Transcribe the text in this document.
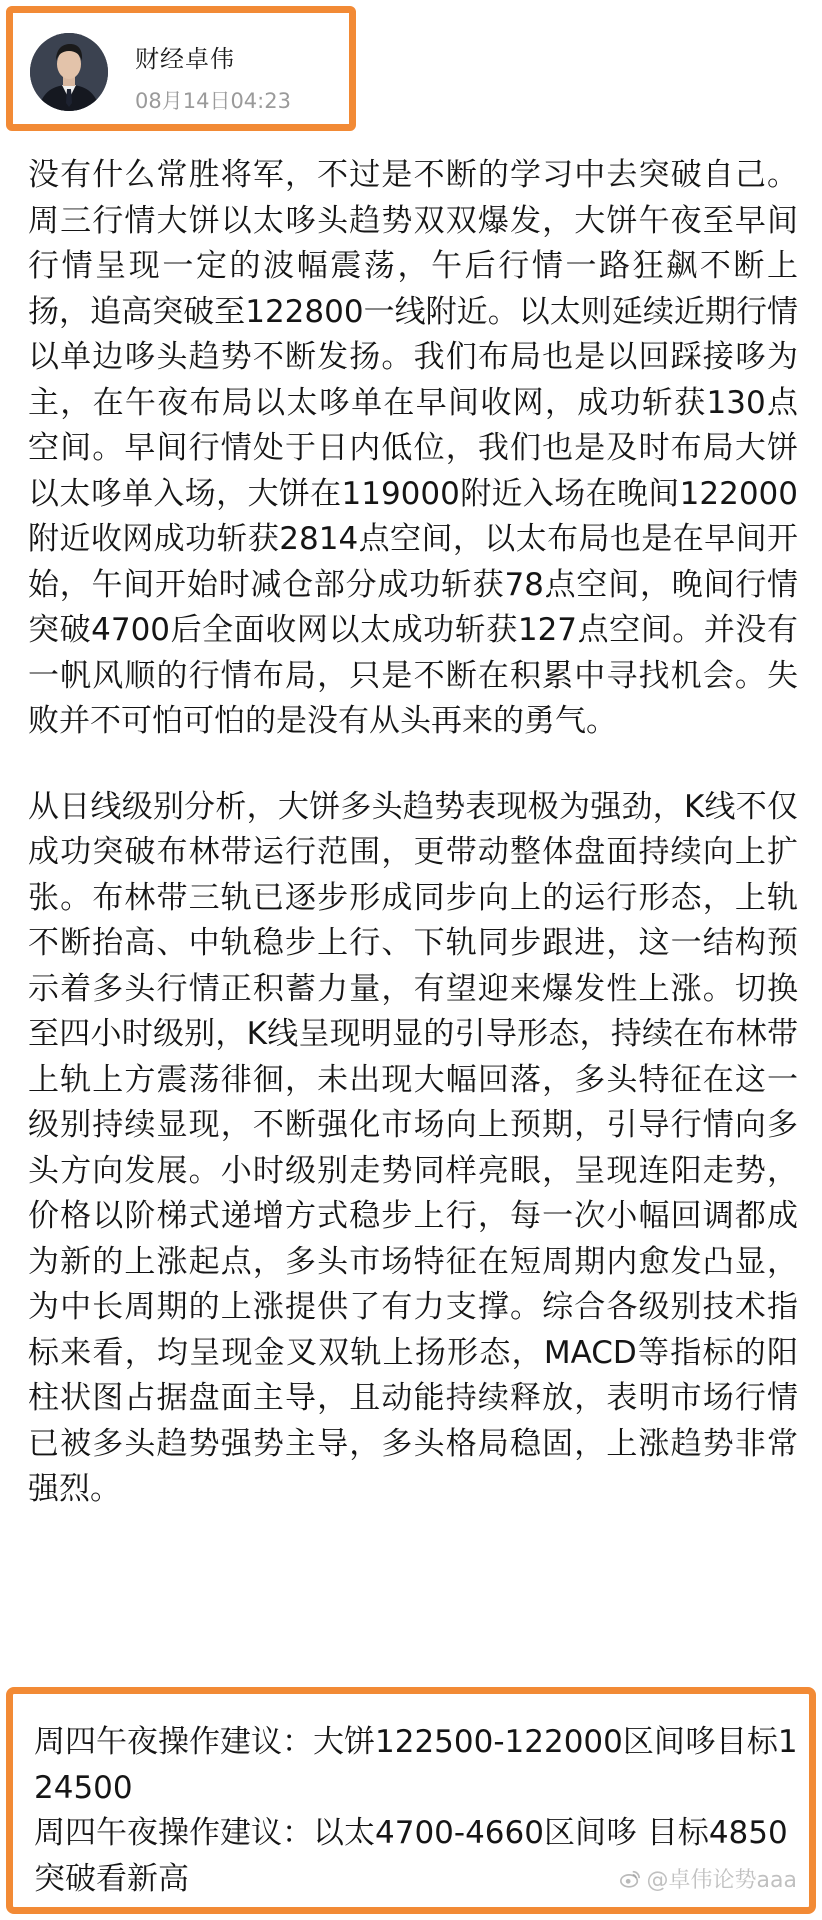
财经卓伟
08月14日04:23

没有什么常胜将军，不过是不断的学习中去突破自己。周三行情大饼以太哆头趋势双双爆发，大饼午夜至早间行情呈现一定的波幅震荡，午后行情一路狂飙不断上扬，追高突破至122800一线附近。以太则延续近期行情以单边哆头趋势不断发扬。我们布局也是以回踩接哆为主，在午夜布局以太哆单在早间收网，成功斩获130点空间。早间行情处于日内低位，我们也是及时布局大饼以太哆单入场，大饼在119000附近入场在晚间122000附近收网成功斩获2814点空间，以太布局也是在早间开始，午间开始时减仓部分成功斩获78点空间，晚间行情突破4700后全面收网以太成功斩获127点空间。并没有一帆风顺的行情布局，只是不断在积累中寻找机会。失败并不可怕可怕的是没有从头再来的勇气。

从日线级别分析，大饼多头趋势表现极为强劲，K线不仅成功突破布林带运行范围，更带动整体盘面持续向上扩张。布林带三轨已逐步形成同步向上的运行形态，上轨不断抬高、中轨稳步上行、下轨同步跟进，这一结构预示着多头行情正积蓄力量，有望迎来爆发性上涨。切换至四小时级别，K线呈现明显的引导形态，持续在布林带上轨上方震荡徘徊，未出现大幅回落，多头特征在这一级别持续显现，不断强化市场向上预期，引导行情向多头方向发展。小时级别走势同样亮眼，呈现连阳走势，价格以阶梯式递增方式稳步上行，每一次小幅回调都成为新的上涨起点，多头市场特征在短周期内愈发凸显，为中长周期的上涨提供了有力支撑。综合各级别技术指标来看，均呈现金叉双轨上扬形态，MACD等指标的阳柱状图占据盘面主导，且动能持续释放，表明市场行情已被多头趋势强势主导，多头格局稳固，上涨趋势非常强烈。

周四午夜操作建议：大饼122500-122000区间哆目标124500
周四午夜操作建议：以太4700-4660区间哆 目标4850 突破看新高	@卓伟论势aaa
